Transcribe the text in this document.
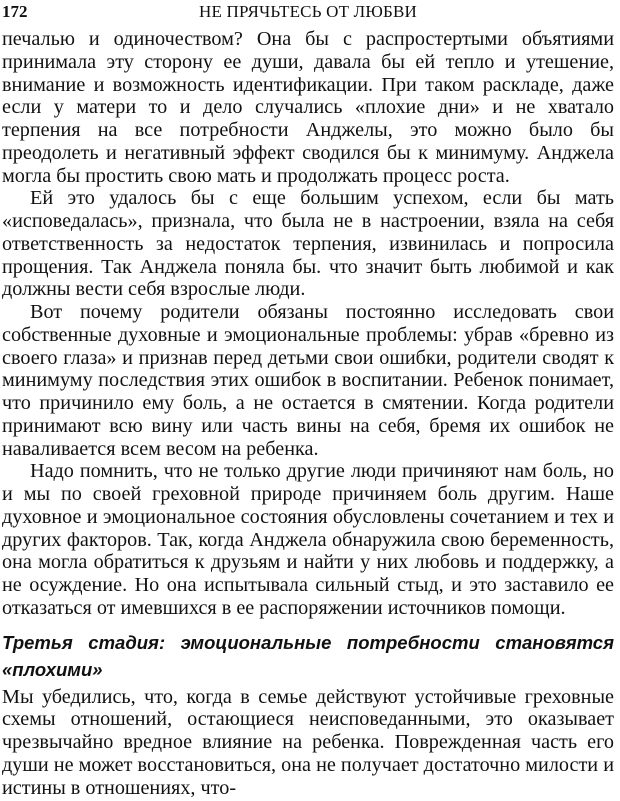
172	НЕ ПРЯЧЬТЕСЬ ОТ ЛЮБВИ

печалью и одиночеством? Она бы с распростертыми объятиями принимала эту сторону ее души, давала бы ей тепло и утешение, внимание и возможность идентификации. При таком раскладе, даже если у матери то и дело случались «плохие дни» и не хватало терпения на все потребности Анджелы, это можно было бы преодолеть и негативный эффект сводился бы к минимуму. Анджела могла бы простить свою мать и продолжать процесс роста.

Ей это удалось бы с еще большим успехом, если бы мать «исповедалась», признала, что была не в настроении, взяла на себя ответственность за недостаток терпения, извинилась и попросила прощения. Так Анджела поняла бы. что значит быть любимой и как должны вести себя взрослые люди.

Вот почему родители обязаны постоянно исследовать свои собственные духовные и эмоциональные проблемы: убрав «бревно из своего глаза» и признав перед детьми свои ошибки, родители сводят к минимуму последствия этих ошибок в воспитании. Ребенок понимает, что причинило ему боль, а не остается в смятении. Когда родители принимают всю вину или часть вины на себя, бремя их ошибок не наваливается всем весом на ребенка.

Надо помнить, что не только другие люди причиняют нам боль, но и мы по своей греховной природе причиняем боль другим. Наше духовное и эмоциональное состояния обусловлены сочетанием и тех и других факторов. Так, когда Анджела обнаружила свою беременность, она могла обратиться к друзьям и найти у них любовь и поддержку, а не осуждение. Но она испытывала сильный стыд, и это заставило ее отказаться от имевшихся в ее распоряжении источников помощи.

Третья стадия: эмоциональные потребности становятся «плохими»

Мы убедились, что, когда в семье действуют устойчивые греховные схемы отношений, остающиеся неисповеданными, это оказывает чрезвычайно вредное влияние на ребенка. Поврежденная часть его души не может восстановиться, она не получает достаточно милости и истины в отношениях, что-
